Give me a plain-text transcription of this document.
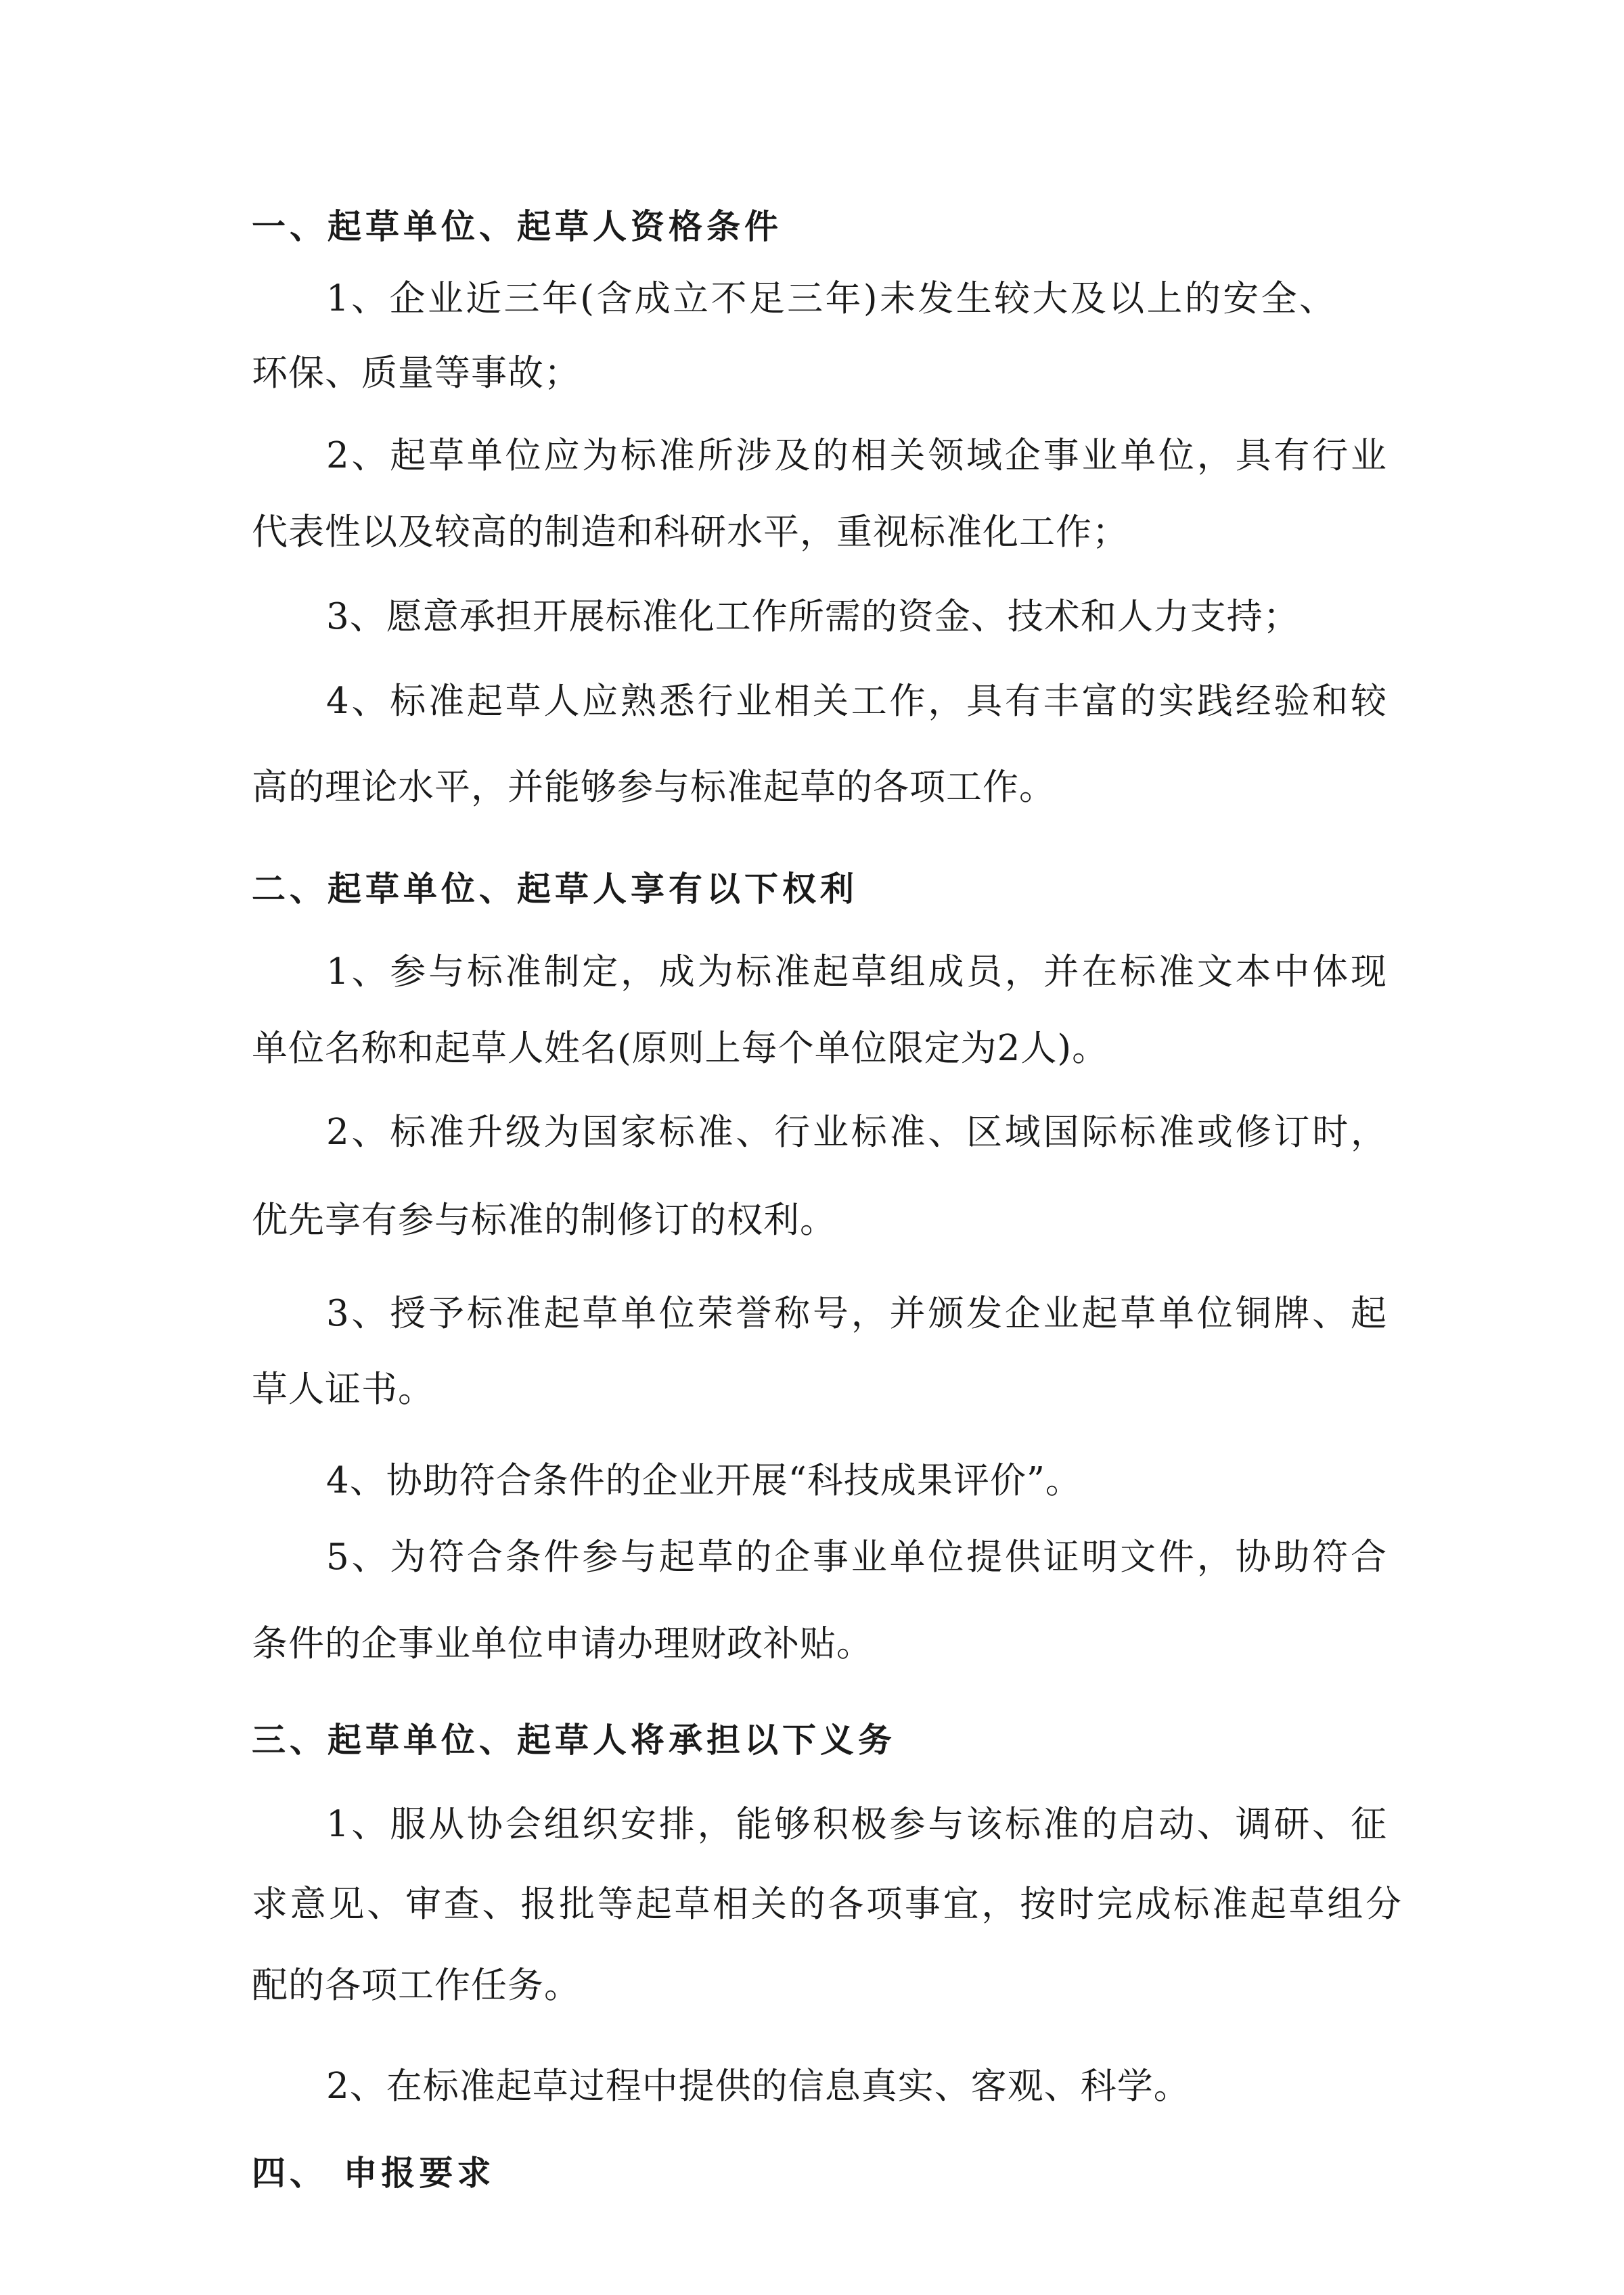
一、起草单位、起草人资格条件
1、企业近三年(含成立不足三年)未发生较大及以上的安全、
环保、质量等事故；
2、起草单位应为标准所涉及的相关领域企事业单位，具有行业
代表性以及较高的制造和科研水平，重视标准化工作；
3、愿意承担开展标准化工作所需的资金、技术和人力支持；
4、标准起草人应熟悉行业相关工作，具有丰富的实践经验和较
高的理论水平，并能够参与标准起草的各项工作。
二、起草单位、起草人享有以下权利
1、参与标准制定，成为标准起草组成员，并在标准文本中体现
单位名称和起草人姓名(原则上每个单位限定为2人)。
2、标准升级为国家标准、行业标准、区域国际标准或修订时，
优先享有参与标准的制修订的权利。
3、授予标准起草单位荣誉称号，并颁发企业起草单位铜牌、起
草人证书。
4、协助符合条件的企业开展“科技成果评价”。
5、为符合条件参与起草的企事业单位提供证明文件，协助符合
条件的企事业单位申请办理财政补贴。
三、起草单位、起草人将承担以下义务
1、服从协会组织安排，能够积极参与该标准的启动、调研、征
求意见、审查、报批等起草相关的各项事宜，按时完成标准起草组分
配的各项工作任务。
2、在标准起草过程中提供的信息真实、客观、科学。
四、 申报要求
